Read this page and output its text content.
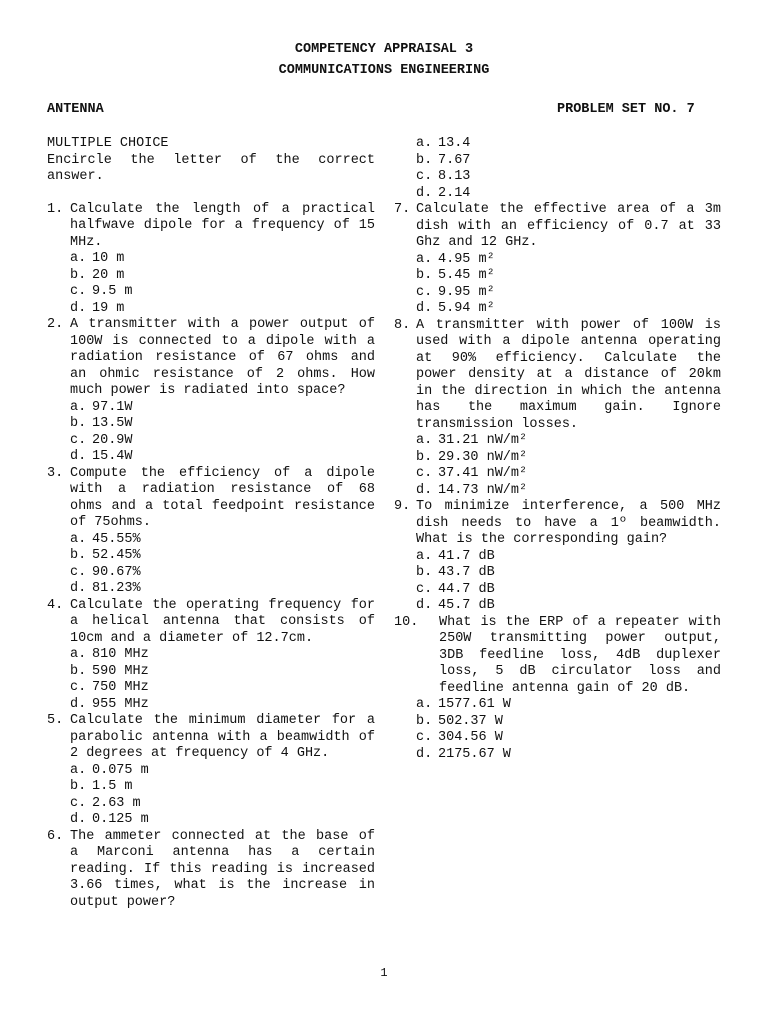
COMPETENCY APPRAISAL 3
COMMUNICATIONS ENGINEERING
ANTENNA	PROBLEM SET NO. 7

MULTIPLE CHOICE

Encircle the letter of the correct answer.

1. Calculate the length of a practical halfwave dipole for a frequency of 15 MHz.
a. 10 m
b. 20 m
c. 9.5 m
d. 19 m
2. A transmitter with a power output of 100W is connected to a dipole with a radiation resistance of 67 ohms and an ohmic resistance of 2 ohms. How much power is radiated into space?
a. 97.1W
b. 13.5W
c. 20.9W
d. 15.4W
3. Compute the efficiency of a dipole with a radiation resistance of 68 ohms and a total feedpoint resistance of 75ohms.
a. 45.55%
b. 52.45%
c. 90.67%
d. 81.23%
4. Calculate the operating frequency for a helical antenna that consists of 10cm and a diameter of 12.7cm.
a. 810 MHz
b. 590 MHz
c. 750 MHz
d. 955 MHz
5. Calculate the minimum diameter for a parabolic antenna with a beamwidth of 2 degrees at frequency of 4 GHz.
a. 0.075 m
b. 1.5 m
c. 2.63 m
d. 0.125 m
6. The ammeter connected at the base of a Marconi antenna has a certain reading. If this reading is increased 3.66 times, what is the increase in output power?
a. 13.4
b. 7.67
c. 8.13
d. 2.14
7. Calculate the effective area of a 3m dish with an efficiency of 0.7 at 33 Ghz and 12 GHz.
a. 4.95 m²
b. 5.45 m²
c. 9.95 m²
d. 5.94 m²
8. A transmitter with power of 100W is used with a dipole antenna operating at 90% efficiency. Calculate the power density at a distance of 20km in the direction in which the antenna has the maximum gain. Ignore transmission losses.
a. 31.21 nW/m²
b. 29.30 nW/m²
c. 37.41 nW/m²
d. 14.73 nW/m²
9. To minimize interference, a 500 MHz dish needs to have a 1º beamwidth. What is the corresponding gain?
a. 41.7 dB
b. 43.7 dB
c. 44.7 dB
d. 45.7 dB
10.	What is the ERP of a repeater with 250W transmitting power output, 3DB feedline loss, 4dB duplexer loss, 5 dB circulator loss and feedline antenna gain of 20 dB.
a. 1577.61 W
b. 502.37 W
c. 304.56 W
d. 2175.67 W
1
